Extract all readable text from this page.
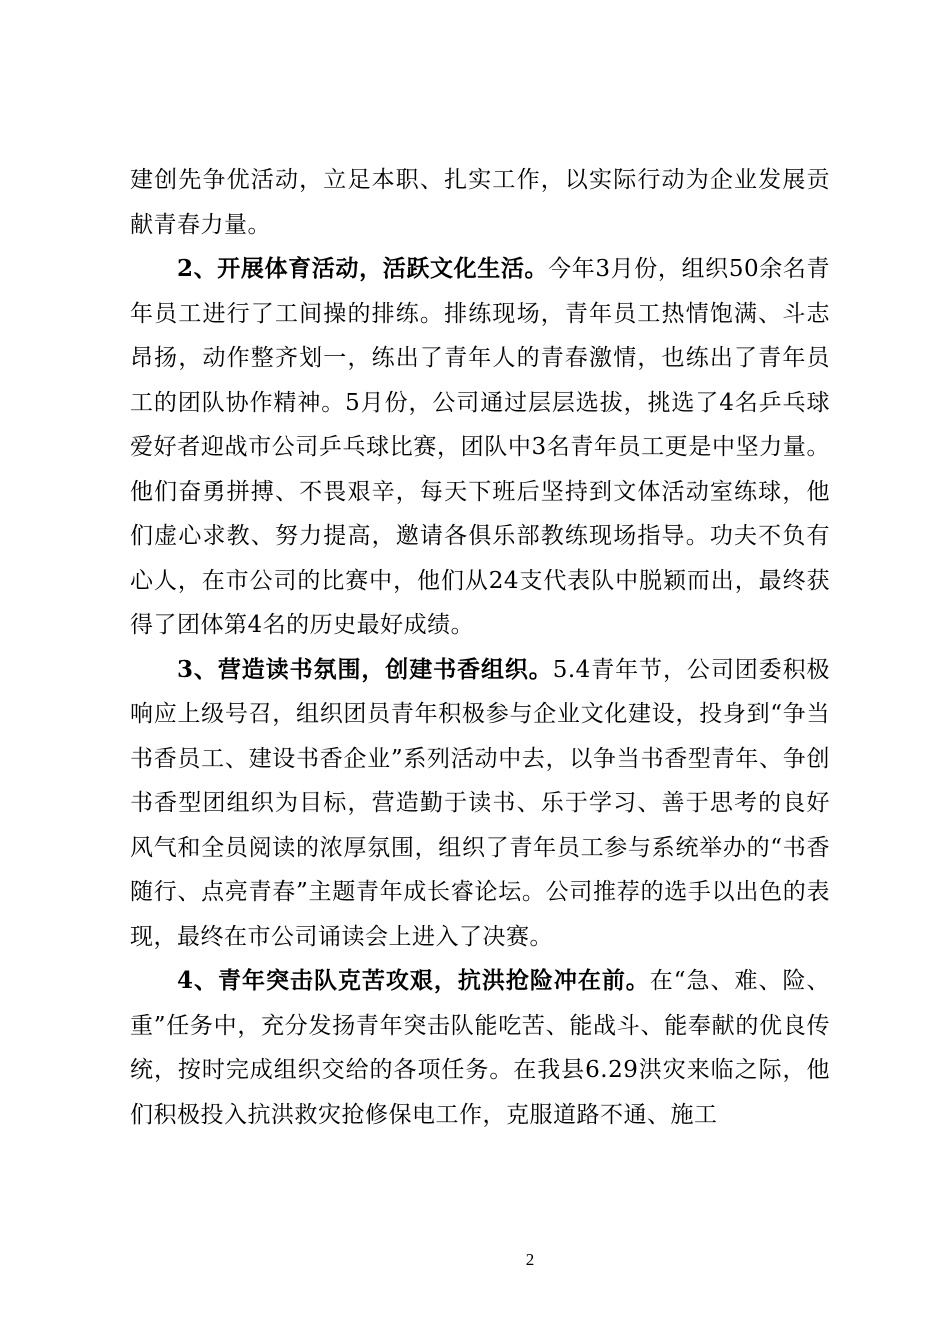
建创先争优活动，立足本职、扎实工作，以实际行动为企业发展贡献青春力量。

2、开展体育活动，活跃文化生活。今年3月份，组织50余名青年员工进行了工间操的排练。排练现场，青年员工热情饱满、斗志昂扬，动作整齐划一，练出了青年人的青春激情，也练出了青年员工的团队协作精神。5月份，公司通过层层选拔，挑选了4名乒乓球爱好者迎战市公司乒乓球比赛，团队中3名青年员工更是中坚力量。他们奋勇拼搏、不畏艰辛，每天下班后坚持到文体活动室练球，他们虚心求教、努力提高，邀请各俱乐部教练现场指导。功夫不负有心人，在市公司的比赛中，他们从24支代表队中脱颖而出，最终获得了团体第4名的历史最好成绩。

3、营造读书氛围，创建书香组织。5.4青年节，公司团委积极响应上级号召，组织团员青年积极参与企业文化建设，投身到“争当书香员工、建设书香企业”系列活动中去，以争当书香型青年、争创书香型团组织为目标，营造勤于读书、乐于学习、善于思考的良好风气和全员阅读的浓厚氛围，组织了青年员工参与系统举办的“书香随行、点亮青春”主题青年成长睿论坛。公司推荐的选手以出色的表现，最终在市公司诵读会上进入了决赛。

4、青年突击队克苦攻艰，抗洪抢险冲在前。在“急、难、险、重”任务中，充分发扬青年突击队能吃苦、能战斗、能奉献的优良传统，按时完成组织交给的各项任务。在我县6.29洪灾来临之际，他们积极投入抗洪救灾抢修保电工作，克服道路不通、施工

2
